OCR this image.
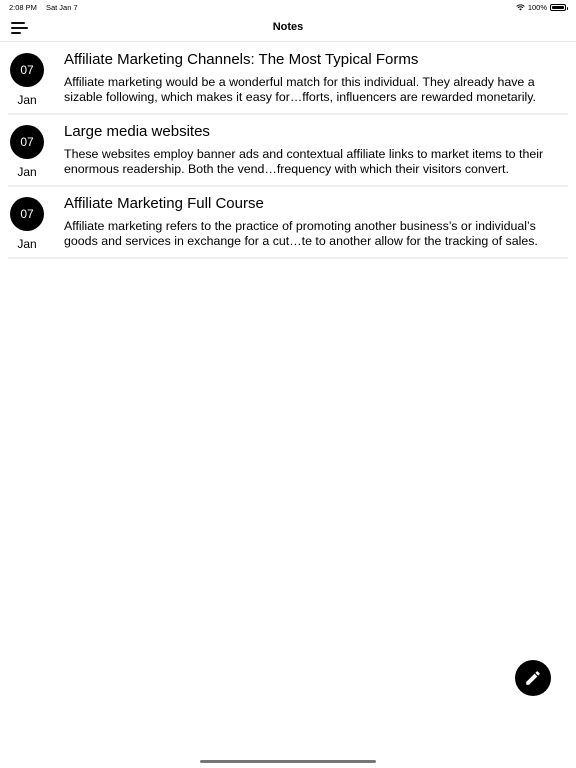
2:08 PM Sat Jan 7	100%
Notes
07
Jan
Affiliate Marketing Channels: The Most Typical Forms
Affiliate marketing would be a wonderful match for this individual. They already have a sizable following, which makes it easy for…fforts, influencers are rewarded monetarily.
07
Jan
Large media websites
These websites employ banner ads and contextual affiliate links to market items to their enormous readership. Both the vend…frequency with which their visitors convert.
07
Jan
Affiliate Marketing Full Course
Affiliate marketing refers to the practice of promoting another business’s or individual’s goods and services in exchange for a cut…te to another allow for the tracking of sales.
